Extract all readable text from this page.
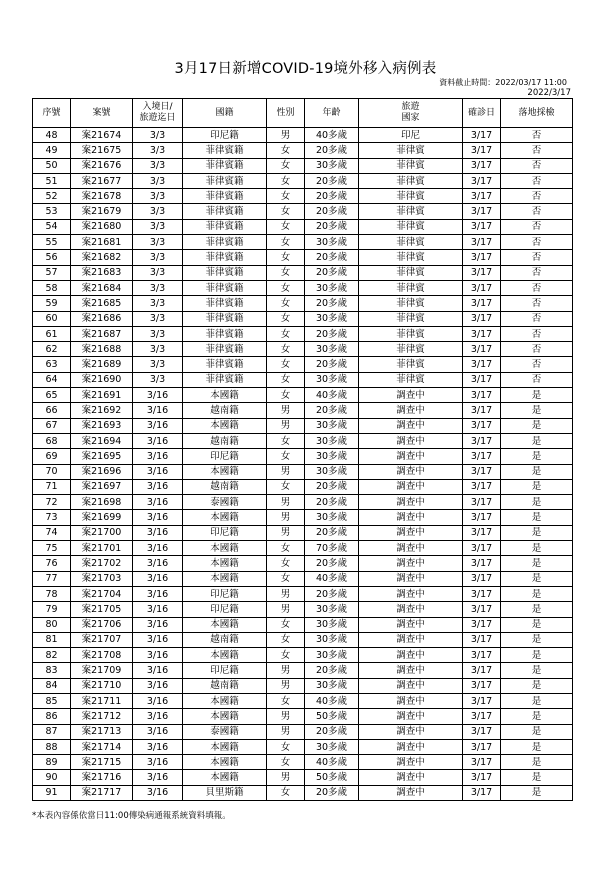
3月17日新增COVID-19境外移入病例表
資料截止時間：2022/03/17 11:00
2022/3/17
序號	案號	入境日/
旅遊迄日	國籍	性別	年齡	旅遊
國家	確診日	落地採檢
48	案21674	3/3	印尼籍	男	40多歲	印尼	3/17	否
49	案21675	3/3	菲律賓籍	女	20多歲	菲律賓	3/17	否
50	案21676	3/3	菲律賓籍	女	30多歲	菲律賓	3/17	否
51	案21677	3/3	菲律賓籍	女	20多歲	菲律賓	3/17	否
52	案21678	3/3	菲律賓籍	女	20多歲	菲律賓	3/17	否
53	案21679	3/3	菲律賓籍	女	20多歲	菲律賓	3/17	否
54	案21680	3/3	菲律賓籍	女	20多歲	菲律賓	3/17	否
55	案21681	3/3	菲律賓籍	女	30多歲	菲律賓	3/17	否
56	案21682	3/3	菲律賓籍	女	20多歲	菲律賓	3/17	否
57	案21683	3/3	菲律賓籍	女	20多歲	菲律賓	3/17	否
58	案21684	3/3	菲律賓籍	女	30多歲	菲律賓	3/17	否
59	案21685	3/3	菲律賓籍	女	20多歲	菲律賓	3/17	否
60	案21686	3/3	菲律賓籍	女	30多歲	菲律賓	3/17	否
61	案21687	3/3	菲律賓籍	女	20多歲	菲律賓	3/17	否
62	案21688	3/3	菲律賓籍	女	30多歲	菲律賓	3/17	否
63	案21689	3/3	菲律賓籍	女	20多歲	菲律賓	3/17	否
64	案21690	3/3	菲律賓籍	女	30多歲	菲律賓	3/17	否
65	案21691	3/16	本國籍	女	40多歲	調查中	3/17	是
66	案21692	3/16	越南籍	男	20多歲	調查中	3/17	是
67	案21693	3/16	本國籍	男	30多歲	調查中	3/17	是
68	案21694	3/16	越南籍	女	30多歲	調查中	3/17	是
69	案21695	3/16	印尼籍	女	30多歲	調查中	3/17	是
70	案21696	3/16	本國籍	男	30多歲	調查中	3/17	是
71	案21697	3/16	越南籍	女	20多歲	調查中	3/17	是
72	案21698	3/16	泰國籍	男	20多歲	調查中	3/17	是
73	案21699	3/16	本國籍	男	30多歲	調查中	3/17	是
74	案21700	3/16	印尼籍	男	20多歲	調查中	3/17	是
75	案21701	3/16	本國籍	女	70多歲	調查中	3/17	是
76	案21702	3/16	本國籍	女	20多歲	調查中	3/17	是
77	案21703	3/16	本國籍	女	40多歲	調查中	3/17	是
78	案21704	3/16	印尼籍	男	20多歲	調查中	3/17	是
79	案21705	3/16	印尼籍	男	30多歲	調查中	3/17	是
80	案21706	3/16	本國籍	女	30多歲	調查中	3/17	是
81	案21707	3/16	越南籍	女	30多歲	調查中	3/17	是
82	案21708	3/16	本國籍	女	30多歲	調查中	3/17	是
83	案21709	3/16	印尼籍	男	20多歲	調查中	3/17	是
84	案21710	3/16	越南籍	男	30多歲	調查中	3/17	是
85	案21711	3/16	本國籍	女	40多歲	調查中	3/17	是
86	案21712	3/16	本國籍	男	50多歲	調查中	3/17	是
87	案21713	3/16	泰國籍	男	20多歲	調查中	3/17	是
88	案21714	3/16	本國籍	女	30多歲	調查中	3/17	是
89	案21715	3/16	本國籍	女	40多歲	調查中	3/17	是
90	案21716	3/16	本國籍	男	50多歲	調查中	3/17	是
91	案21717	3/16	貝里斯籍	女	20多歲	調查中	3/17	是
*本表內容係依當日11:00傳染病通報系統資料填報。
